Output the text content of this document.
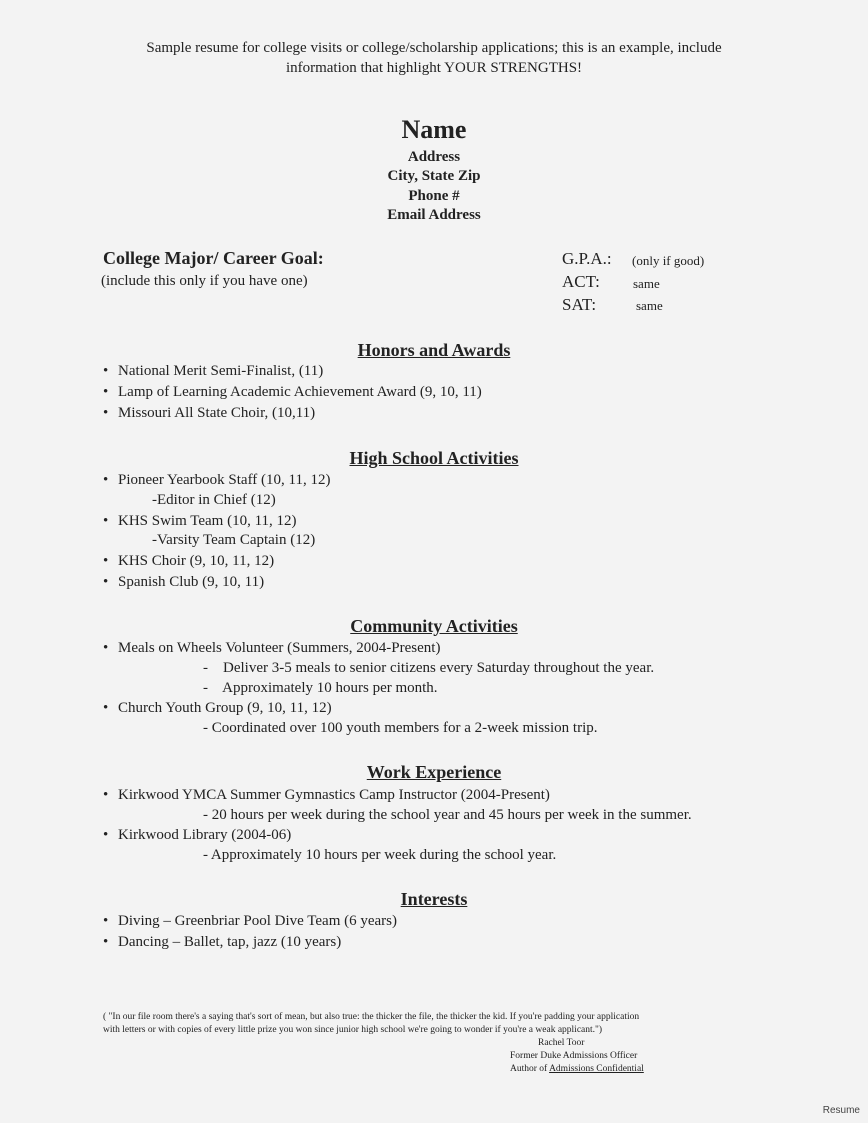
Sample resume for college visits or college/scholarship applications; this is an example, include
information that highlight YOUR STRENGTHS!
Name
Address
City, State Zip
Phone #
Email Address
College Major/ Career Goal:
(include this only if you have one)
G.P.A.: (only if good)
ACT:	same
SAT:	same
Honors and Awards
• National Merit Semi-Finalist, (11)
• Lamp of Learning Academic Achievement Award (9, 10, 11)
• Missouri All State Choir, (10,11)
High School Activities
• Pioneer Yearbook Staff (10, 11, 12)
-Editor in Chief (12)
• KHS Swim Team (10, 11, 12)
-Varsity Team Captain (12)
• KHS Choir (9, 10, 11, 12)
• Spanish Club (9, 10, 11)
Community Activities
• Meals on Wheels Volunteer (Summers, 2004-Present)
-    Deliver 3-5 meals to senior citizens every Saturday throughout the year.
-    Approximately 10 hours per month.
• Church Youth Group (9, 10, 11, 12)
- Coordinated over 100 youth members for a 2-week mission trip.
Work Experience
• Kirkwood YMCA Summer Gymnastics Camp Instructor (2004-Present)
- 20 hours per week during the school year and 45 hours per week in the summer.
• Kirkwood Library (2004-06)
- Approximately 10 hours per week during the school year.
Interests
• Diving – Greenbriar Pool Dive Team (6 years)
• Dancing – Ballet, tap, jazz (10 years)
( "In our file room there's a saying that's sort of mean, but also true: the thicker the file, the thicker the kid. If you're padding your application
with letters or with copies of every little prize you won since junior high school we're going to wonder if you're a weak applicant.")
Rachel Toor
Former Duke Admissions Officer
Author of Admissions Confidential
Resume
